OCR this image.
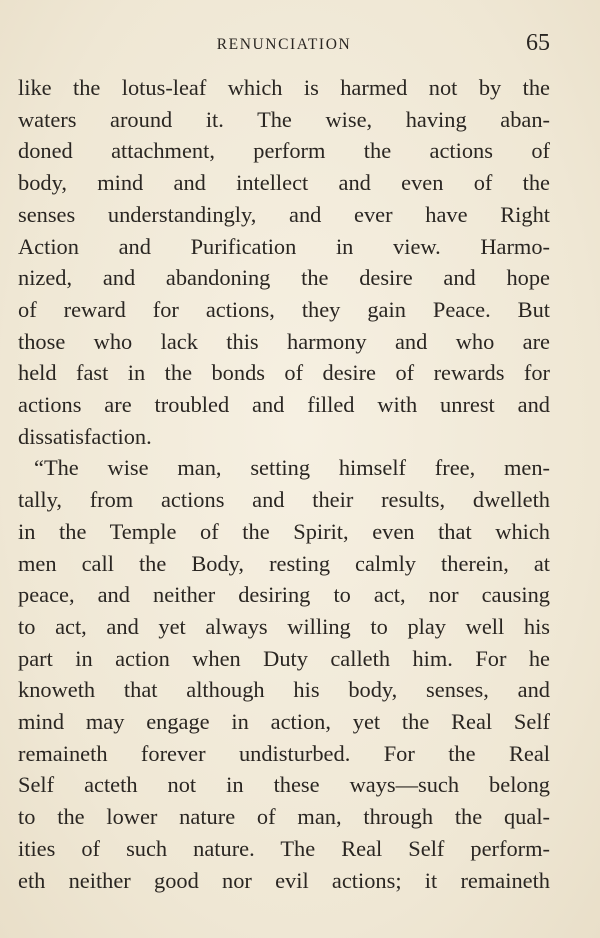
RENUNCIATION	65
like the lotus-leaf which is harmed not by the
waters around it. The wise, having aban-
doned attachment, perform the actions of
body, mind and intellect and even of the
senses understandingly, and ever have Right
Action and Purification in view. Harmo-
nized, and abandoning the desire and hope
of reward for actions, they gain Peace. But
those who lack this harmony and who are
held fast in the bonds of desire of rewards for
actions are troubled and filled with unrest and
dissatisfaction.
“The wise man, setting himself free, men-
tally, from actions and their results, dwelleth
in the Temple of the Spirit, even that which
men call the Body, resting calmly therein, at
peace, and neither desiring to act, nor causing
to act, and yet always willing to play well his
part in action when Duty calleth him. For he
knoweth that although his body, senses, and
mind may engage in action, yet the Real Self
remaineth forever undisturbed. For the Real
Self acteth not in these ways—such belong
to the lower nature of man, through the qual-
ities of such nature. The Real Self perform-
eth neither good nor evil actions; it remaineth
